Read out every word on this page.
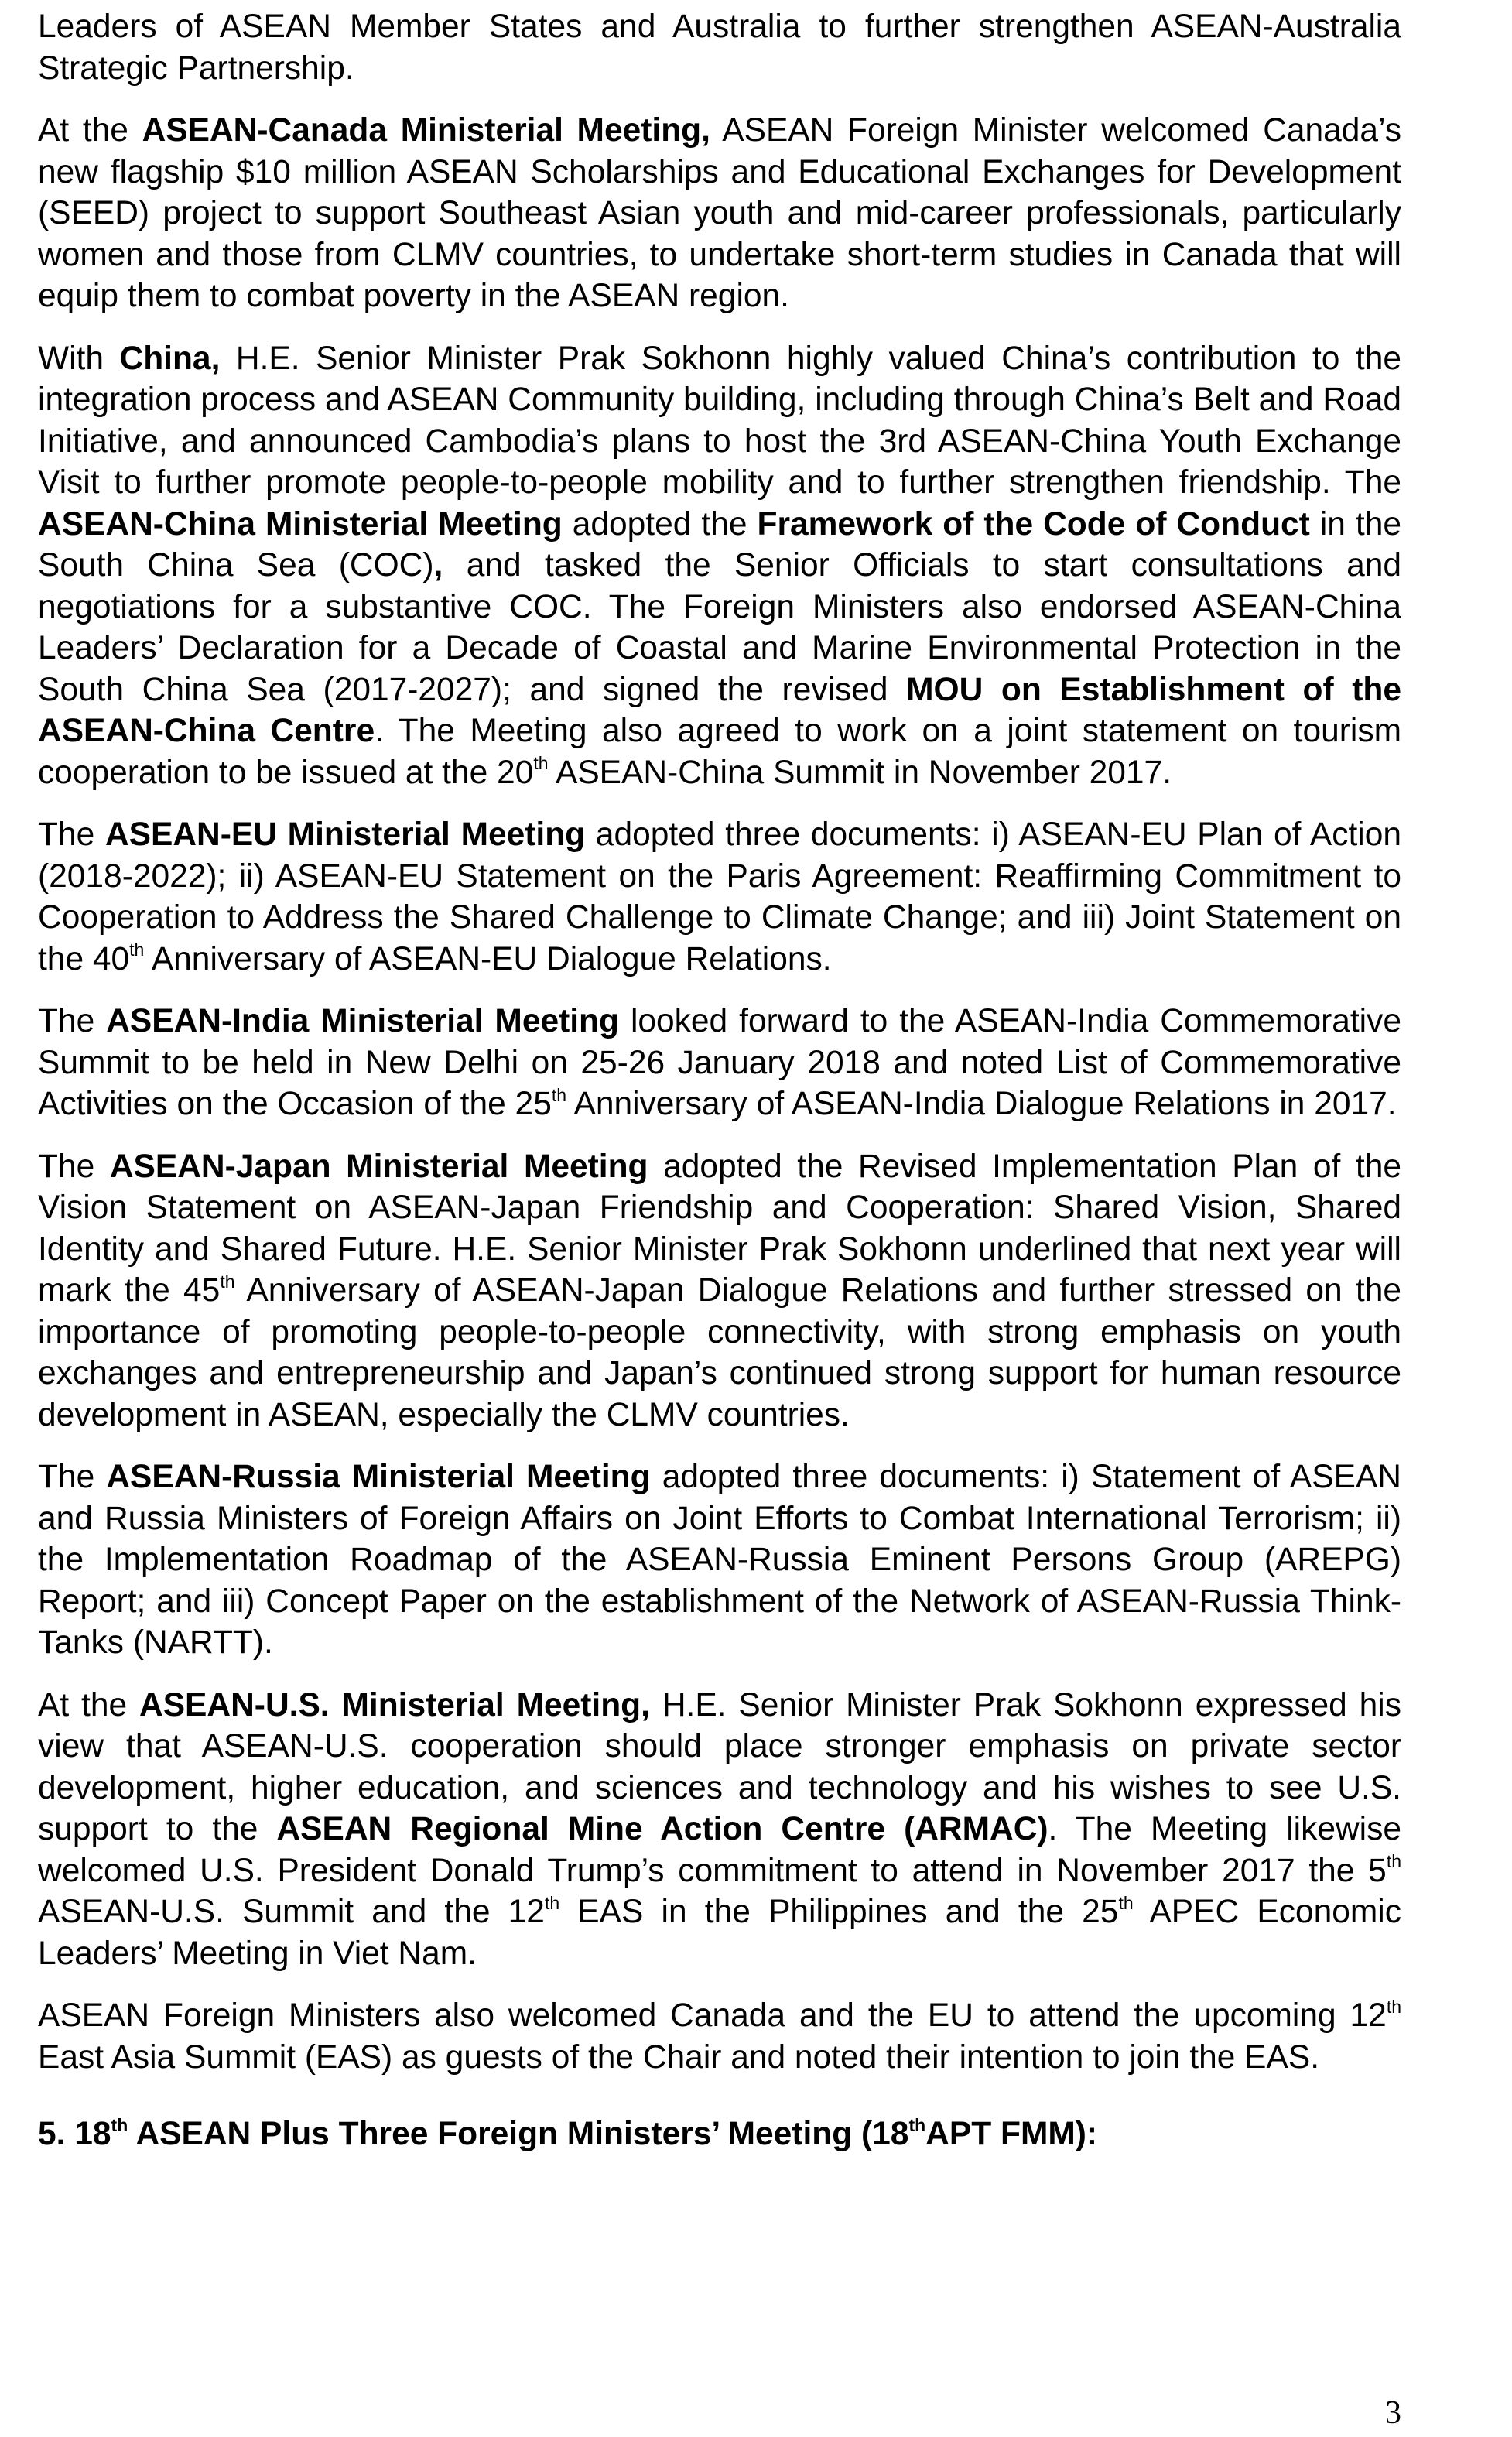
Leaders of ASEAN Member States and Australia to further strengthen ASEAN-Australia Strategic Partnership.

At the ASEAN-Canada Ministerial Meeting, ASEAN Foreign Minister welcomed Canada’s new flagship $10 million ASEAN Scholarships and Educational Exchanges for Development (SEED) project to support Southeast Asian youth and mid-career professionals, particularly women and those from CLMV countries, to undertake short-term studies in Canada that will equip them to combat poverty in the ASEAN region.

With China, H.E. Senior Minister Prak Sokhonn highly valued China’s contribution to the integration process and ASEAN Community building, including through China’s Belt and Road Initiative, and announced Cambodia’s plans to host the 3rd ASEAN-China Youth Exchange Visit to further promote people-to-people mobility and to further strengthen friendship. The ASEAN-China Ministerial Meeting adopted the Framework of the Code of Conduct in the South China Sea (COC), and tasked the Senior Officials to start consultations and negotiations for a substantive COC. The Foreign Ministers also endorsed ASEAN-China Leaders’ Declaration for a Decade of Coastal and Marine Environmental Protection in the South China Sea (2017-2027); and signed the revised MOU on Establishment of the ASEAN-China Centre. The Meeting also agreed to work on a joint statement on tourism cooperation to be issued at the 20th ASEAN-China Summit in November 2017.

The ASEAN-EU Ministerial Meeting adopted three documents: i) ASEAN-EU Plan of Action (2018-2022); ii) ASEAN-EU Statement on the Paris Agreement: Reaffirming Commitment to Cooperation to Address the Shared Challenge to Climate Change; and iii) Joint Statement on the 40th Anniversary of ASEAN-EU Dialogue Relations.

The ASEAN-India Ministerial Meeting looked forward to the ASEAN-India Commemorative Summit to be held in New Delhi on 25-26 January 2018 and noted List of Commemorative Activities on the Occasion of the 25th Anniversary of ASEAN-India Dialogue Relations in 2017.

The ASEAN-Japan Ministerial Meeting adopted the Revised Implementation Plan of the Vision Statement on ASEAN-Japan Friendship and Cooperation: Shared Vision, Shared Identity and Shared Future. H.E. Senior Minister Prak Sokhonn underlined that next year will mark the 45th Anniversary of ASEAN-Japan Dialogue Relations and further stressed on the importance of promoting people-to-people connectivity, with strong emphasis on youth exchanges and entrepreneurship and Japan’s continued strong support for human resource development in ASEAN, especially the CLMV countries.

The ASEAN-Russia Ministerial Meeting adopted three documents: i) Statement of ASEAN and Russia Ministers of Foreign Affairs on Joint Efforts to Combat International Terrorism; ii) the Implementation Roadmap of the ASEAN-Russia Eminent Persons Group (AREPG) Report; and iii) Concept Paper on the establishment of the Network of ASEAN-Russia Think-Tanks (NARTT).

At the ASEAN-U.S. Ministerial Meeting, H.E. Senior Minister Prak Sokhonn expressed his view that ASEAN-U.S. cooperation should place stronger emphasis on private sector development, higher education, and sciences and technology and his wishes to see U.S. support to the ASEAN Regional Mine Action Centre (ARMAC). The Meeting likewise welcomed U.S. President Donald Trump’s commitment to attend in November 2017 the 5th ASEAN-U.S. Summit and the 12th EAS in the Philippines and the 25th APEC Economic Leaders’ Meeting in Viet Nam.

ASEAN Foreign Ministers also welcomed Canada and the EU to attend the upcoming 12th East Asia Summit (EAS) as guests of the Chair and noted their intention to join the EAS.

5. 18th ASEAN Plus Three Foreign Ministers’ Meeting (18thAPT FMM):

3
